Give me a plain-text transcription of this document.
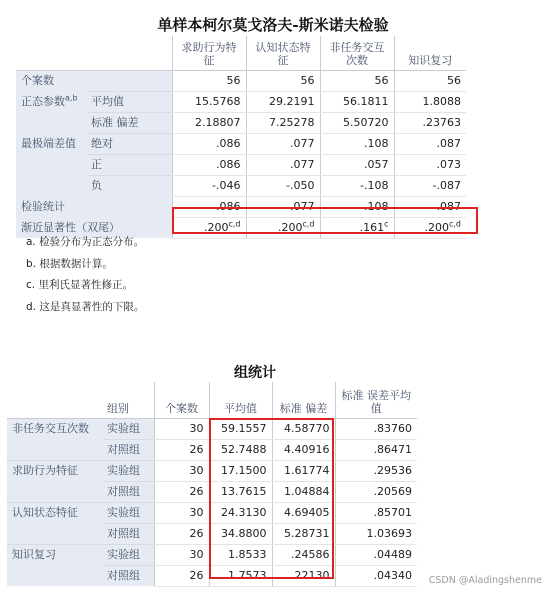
单样本柯尔莫戈洛夫-斯米诺夫检验
		求助行为特征	认知状态特征	非任务交互次数	知识复习
个案数		56	56	56	56
正态参数$^{a,b}$	平均值	15.5768	29.2191	56.1811	1.8088
	标准 偏差	2.18807	7.25278	5.50720	.23763
最极端差值	绝对	.086	.077	.108	.087
	正	.086	.077	.057	.073
	负	-.046	-.050	-.108	-.087
检验统计		.086	.077	.108	.087
渐近显著性（双尾）		.200$^{c,d}$	.200$^{c,d}$	.161$^c$	.200$^{c,d}$
a. 检验分布为正态分布。
b. 根据数据计算。
c. 里利氏显著性修正。
d. 这是真显著性的下限。
组统计
	组别	个案数	平均值	标准 偏差	标准 误差平均值
非任务交互次数	实验组	30	59.1557	4.58770	.83760
	对照组	26	52.7488	4.40916	.86471
求助行为特征	实验组	30	17.1500	1.61774	.29536
	对照组	26	13.7615	1.04884	.20569
认知状态特征	实验组	30	24.3130	4.69405	.85701
	对照组	26	34.8800	5.28731	1.03693
知识复习	实验组	30	1.8533	.24586	.04489
	对照组	26	1.7573	.22130	.04340 CSDN @Aladingshenme
